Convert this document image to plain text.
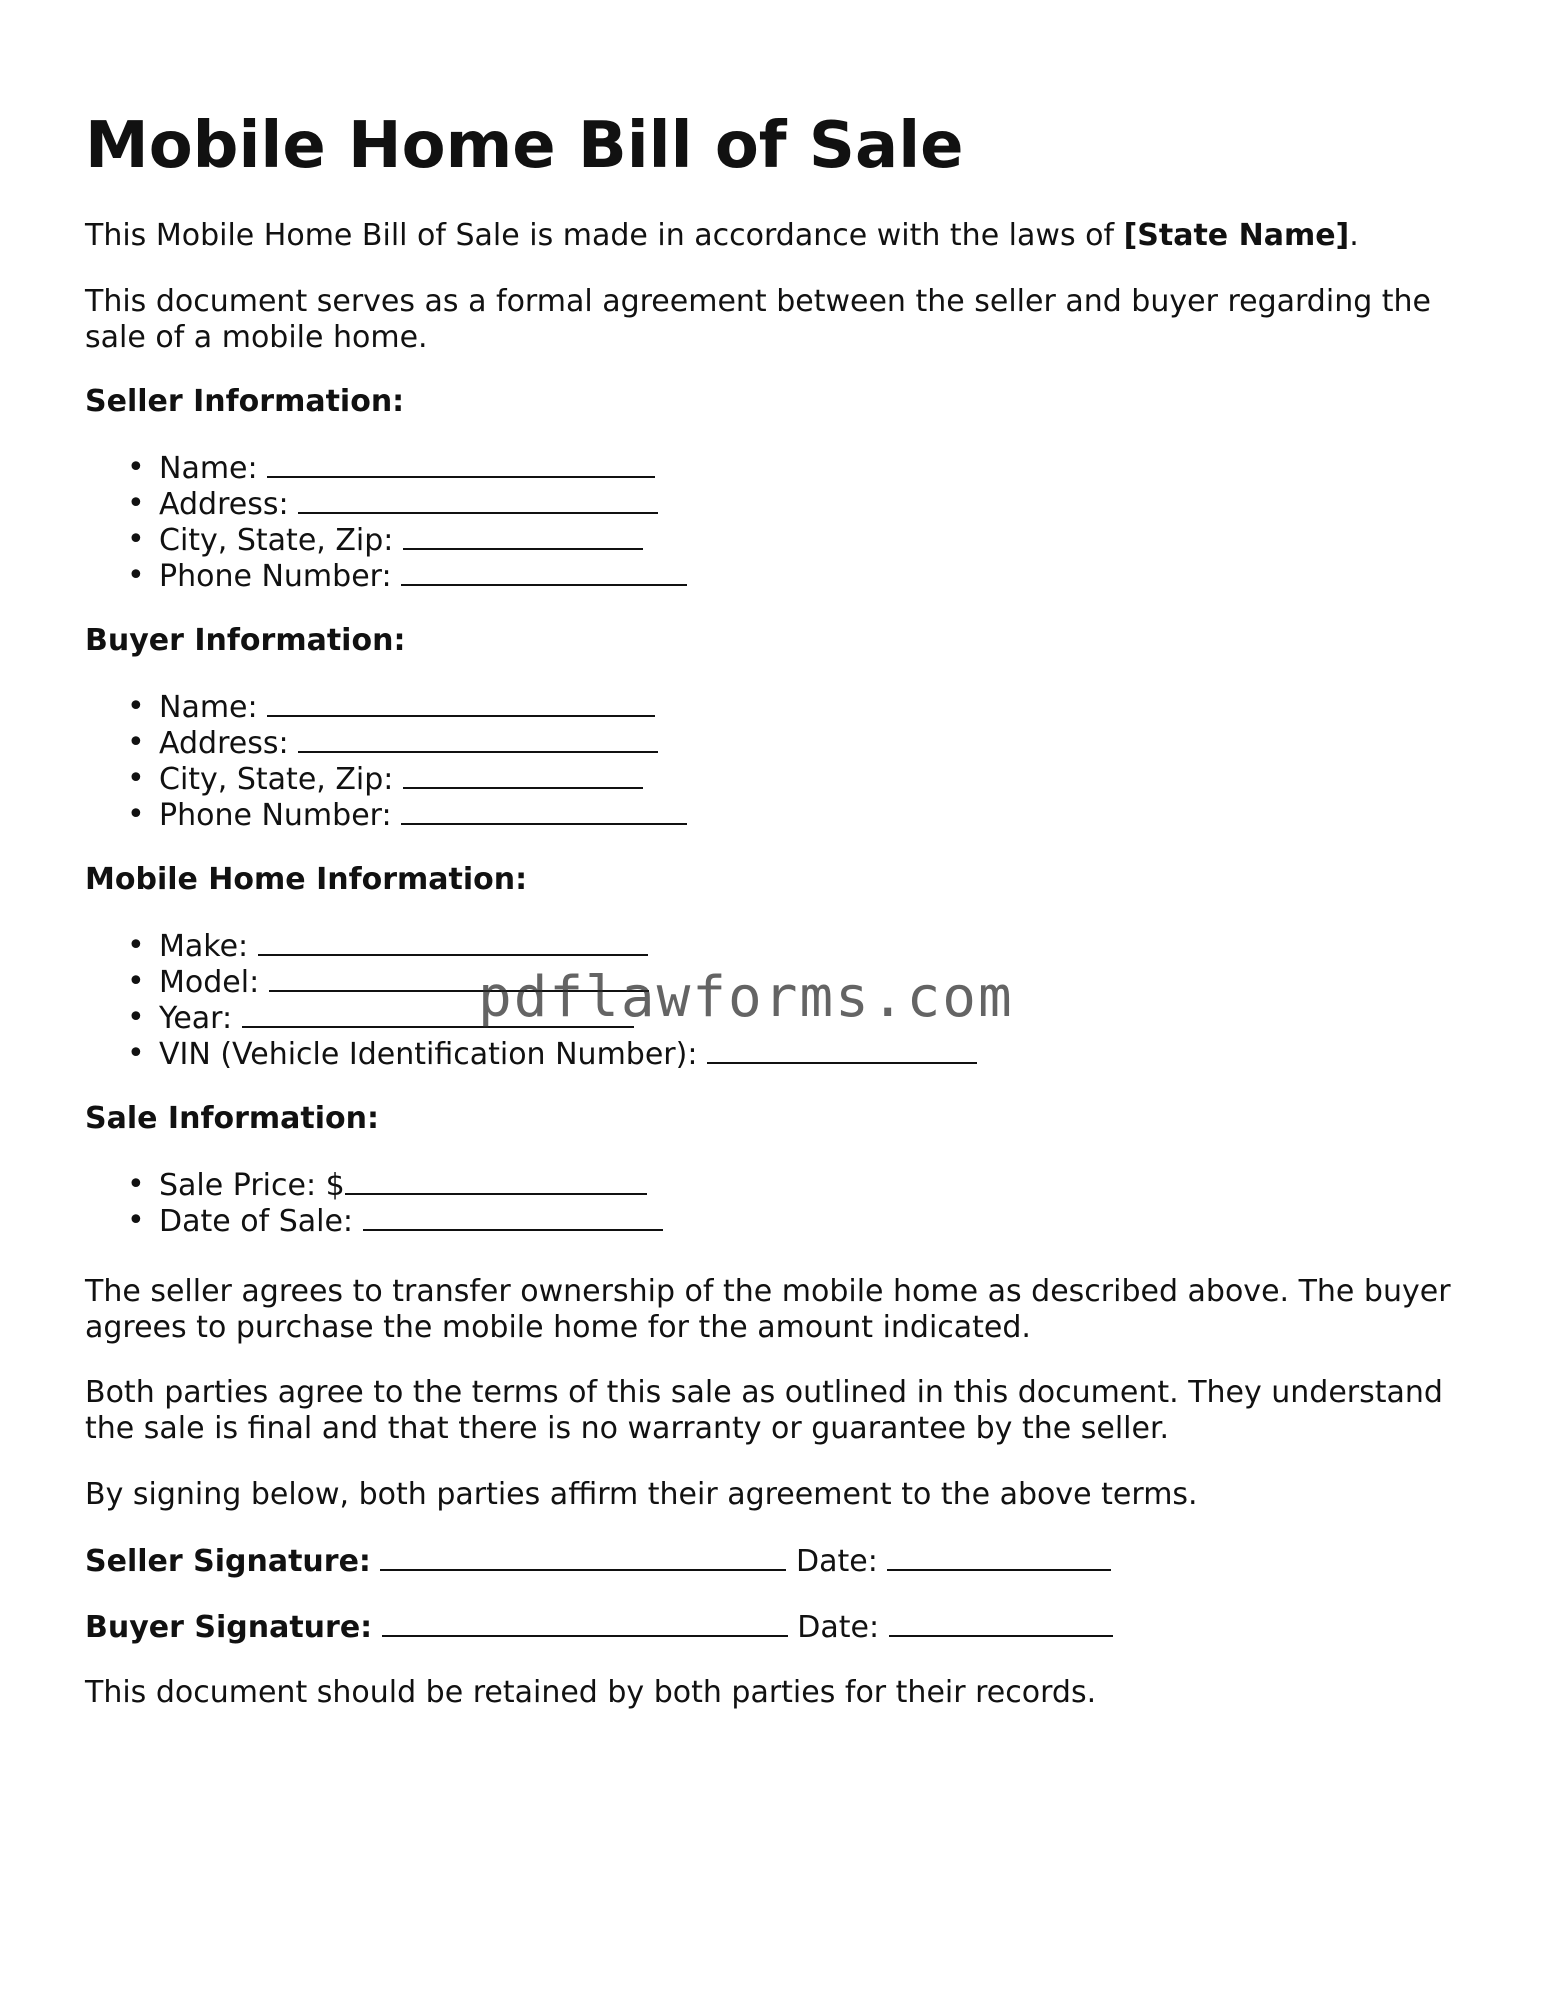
Mobile Home Bill of Sale

This Mobile Home Bill of Sale is made in accordance with the laws of [State Name].

This document serves as a formal agreement between the seller and buyer regarding the sale of a mobile home.

Seller Information:

• Name:
• Address:
• City, State, Zip:
• Phone Number:

Buyer Information:

• Name:
• Address:
• City, State, Zip:
• Phone Number:

Mobile Home Information:

• Make:
• Model:
• Year:
• VIN (Vehicle Identification Number):

Sale Information:

• Sale Price: $
• Date of Sale:

The seller agrees to transfer ownership of the mobile home as described above. The buyer agrees to purchase the mobile home for the amount indicated.

Both parties agree to the terms of this sale as outlined in this document. They understand the sale is final and that there is no warranty or guarantee by the seller.

By signing below, both parties affirm their agreement to the above terms.

Seller Signature:	Date:

Buyer Signature:	Date:

This document should be retained by both parties for their records.

pdflawforms.com
